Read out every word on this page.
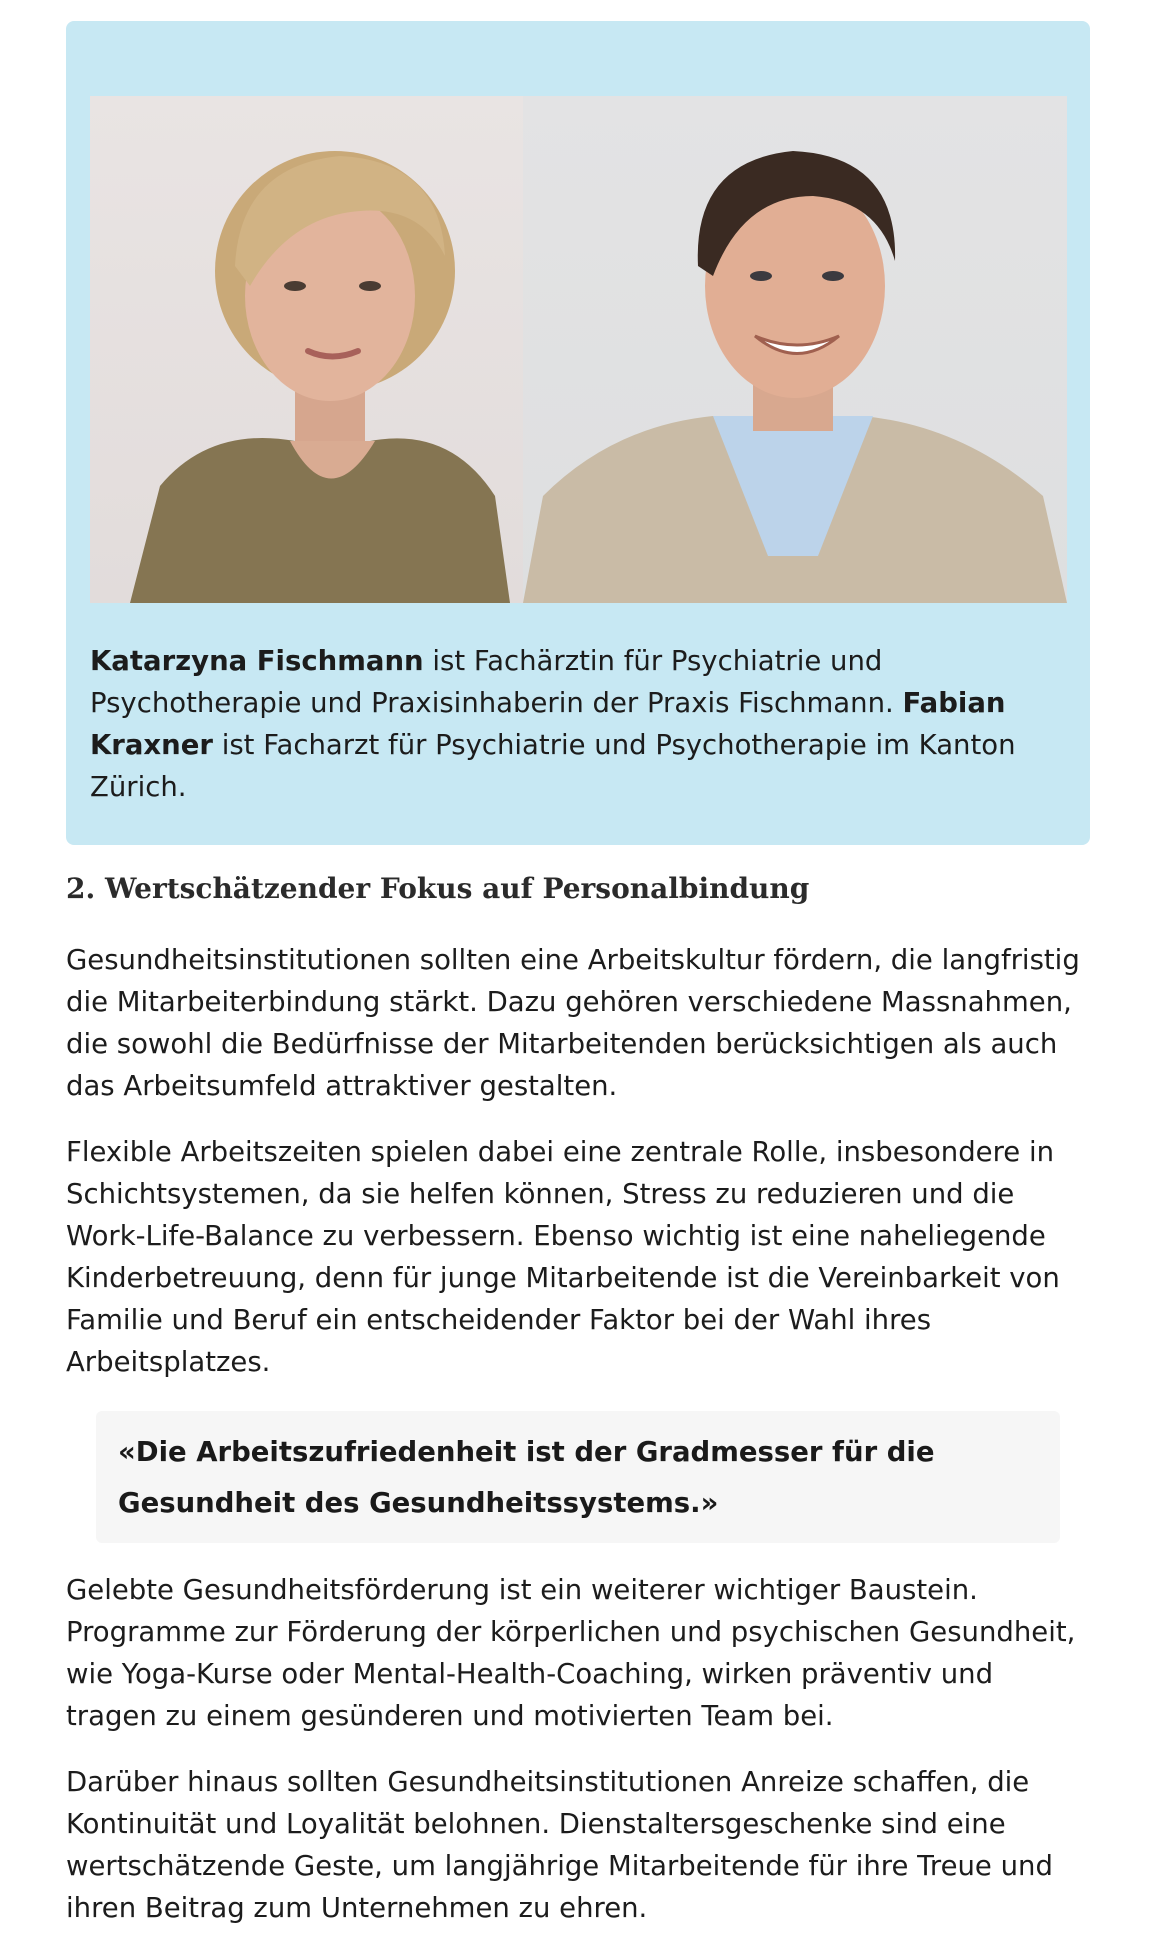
Katarzyna Fischmann ist Fachärztin für Psychiatrie und Psychotherapie und Praxisinhaberin der Praxis Fischmann. Fabian Kraxner ist Facharzt für Psychiatrie und Psychotherapie im Kanton Zürich.
2. Wertschätzender Fokus auf Personalbindung

Gesundheitsinstitutionen sollten eine Arbeitskultur fördern, die langfristig die Mitarbeiterbindung stärkt. Dazu gehören verschiedene Massnahmen, die sowohl die Bedürfnisse der Mitarbeitenden berücksichtigen als auch das Arbeitsumfeld attraktiver gestalten.

Flexible Arbeitszeiten spielen dabei eine zentrale Rolle, insbesondere in Schichtsystemen, da sie helfen können, Stress zu reduzieren und die Work-Life-Balance zu verbessern. Ebenso wichtig ist eine naheliegende Kinderbetreuung, denn für junge Mitarbeitende ist die Vereinbarkeit von Familie und Beruf ein entscheidender Faktor bei der Wahl ihres Arbeitsplatzes.

«Die Arbeitszufriedenheit ist der Gradmesser für die Gesundheit des Gesundheitssystems.»

Gelebte Gesundheitsförderung ist ein weiterer wichtiger Baustein. Programme zur Förderung der körperlichen und psychischen Gesundheit, wie Yoga-Kurse oder Mental-Health-Coaching, wirken präventiv und tragen zu einem gesünderen und motivierten Team bei.

Darüber hinaus sollten Gesundheitsinstitutionen Anreize schaffen, die Kontinuität und Loyalität belohnen. Dienstaltersgeschenke sind eine wertschätzende Geste, um langjährige Mitarbeitende für ihre Treue und ihren Beitrag zum Unternehmen zu ehren.
